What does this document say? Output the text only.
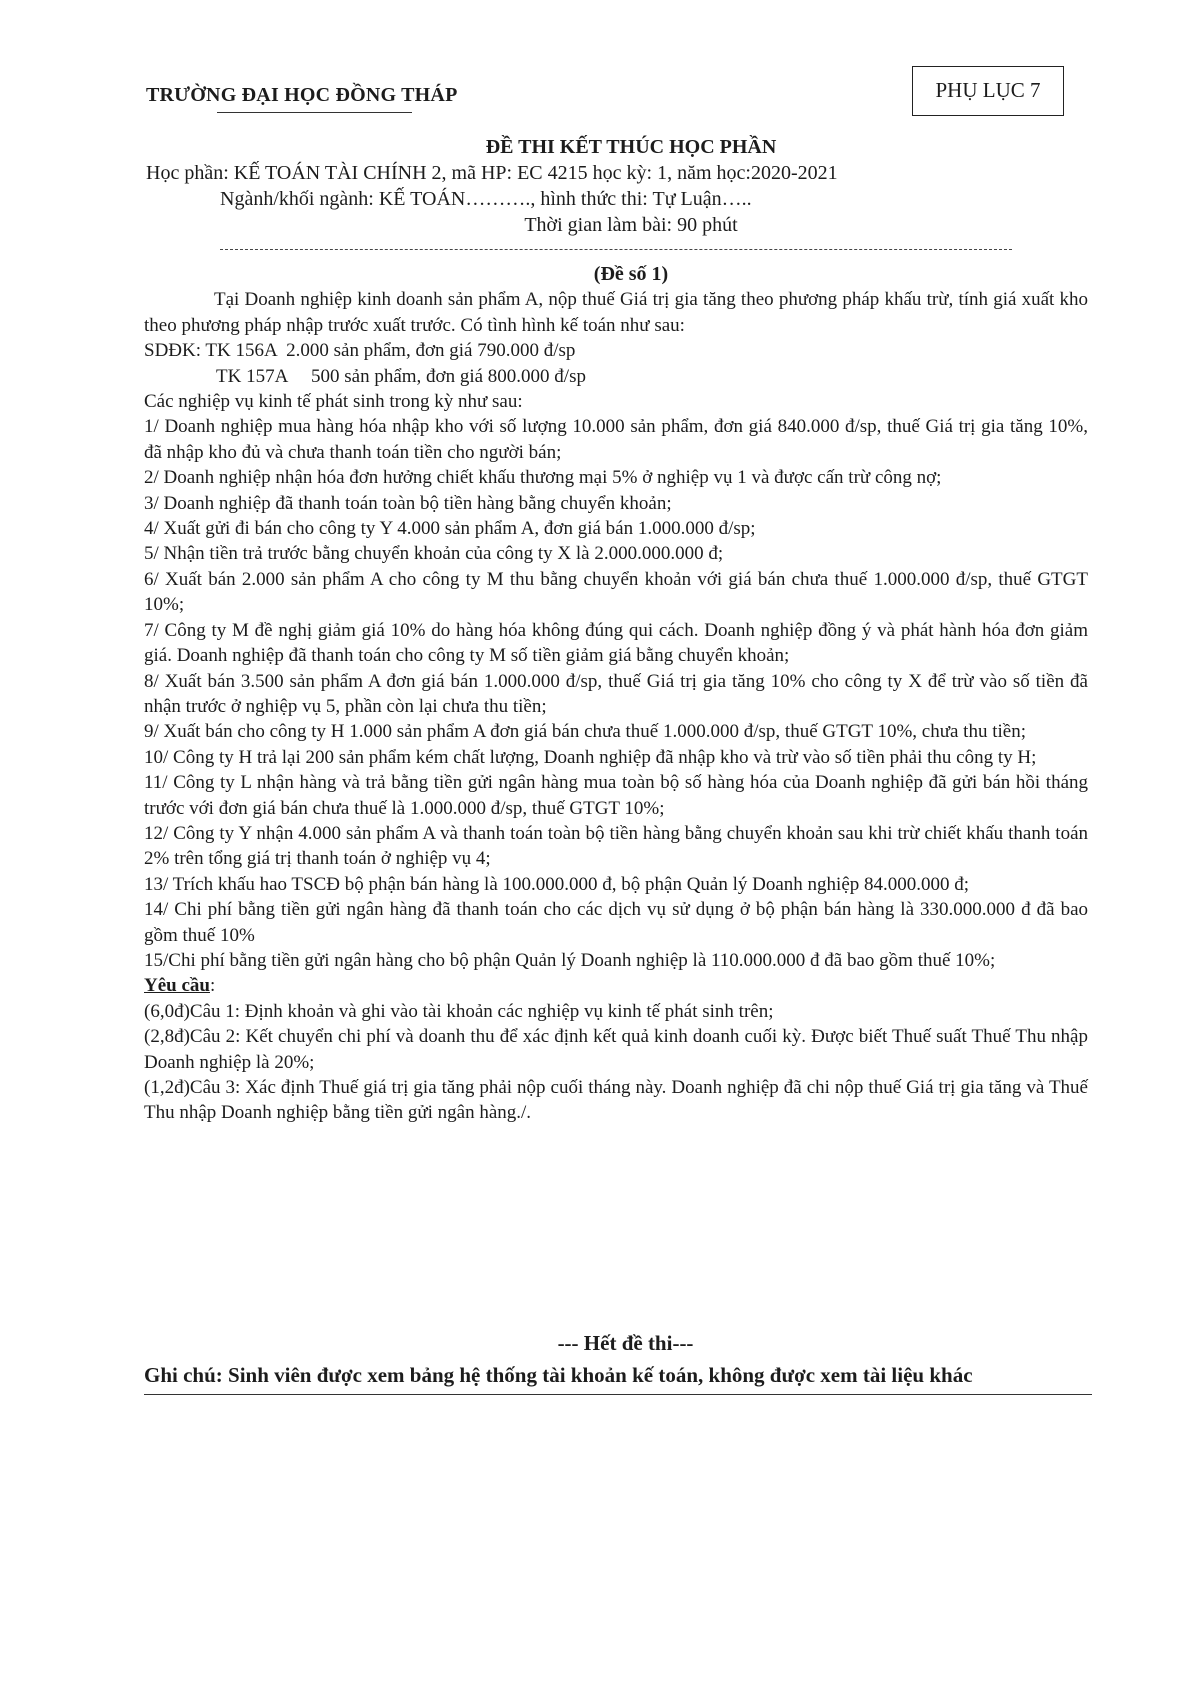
TRƯỜNG ĐẠI HỌC ĐỒNG THÁP	PHỤ LỤC 7
ĐỀ THI KẾT THÚC HỌC PHẦN
Học phần: KẾ TOÁN TÀI CHÍNH 2, mã HP: EC 4215 học kỳ: 1, năm học:2020-2021
Ngành/khối ngành: KẾ TOÁN………., hình thức thi: Tự Luận…..
Thời gian làm bài: 90 phút

(Đề số 1)

Tại Doanh nghiệp kinh doanh sản phẩm A, nộp thuế Giá trị gia tăng theo phương pháp khấu trừ, tính giá xuất kho theo phương pháp nhập trước xuất trước. Có tình hình kế toán như sau:

SDĐK: TK 156A  2.000 sản phẩm, đơn giá 790.000 đ/sp

TK 157A     500 sản phẩm, đơn giá 800.000 đ/sp

Các nghiệp vụ kinh tế phát sinh trong kỳ như sau:

1/ Doanh nghiệp mua hàng hóa nhập kho với số lượng 10.000 sản phẩm, đơn giá 840.000 đ/sp, thuế Giá trị gia tăng 10%, đã nhập kho đủ và chưa thanh toán tiền cho người bán;

2/ Doanh nghiệp nhận hóa đơn hưởng chiết khấu thương mại 5% ở nghiệp vụ 1 và được cấn trừ công nợ;

3/ Doanh nghiệp đã thanh toán toàn bộ tiền hàng bằng chuyển khoản;

4/ Xuất gửi đi bán cho công ty Y 4.000 sản phẩm A, đơn giá bán 1.000.000 đ/sp;

5/ Nhận tiền trả trước bằng chuyển khoản của công ty X là 2.000.000.000 đ;

6/ Xuất bán 2.000 sản phẩm A cho công ty M thu bằng chuyển khoản với giá bán chưa thuế 1.000.000 đ/sp, thuế GTGT 10%;

7/ Công ty M đề nghị giảm giá 10% do hàng hóa không đúng qui cách. Doanh nghiệp đồng ý và phát hành hóa đơn giảm giá. Doanh nghiệp đã thanh toán cho công ty M số tiền giảm giá bằng chuyển khoản;

8/ Xuất bán 3.500 sản phẩm A đơn giá bán 1.000.000 đ/sp, thuế Giá trị gia tăng 10% cho công ty X để trừ vào số tiền đã nhận trước ở nghiệp vụ 5, phần còn lại chưa thu tiền;

9/ Xuất bán cho công ty H 1.000 sản phẩm A đơn giá bán chưa thuế 1.000.000 đ/sp, thuế GTGT 10%, chưa thu tiền;

10/ Công ty H trả lại 200 sản phẩm kém chất lượng, Doanh nghiệp đã nhập kho và trừ vào số tiền phải thu công ty H;

11/ Công ty L nhận hàng và trả bằng tiền gửi ngân hàng mua toàn bộ số hàng hóa của Doanh nghiệp đã gửi bán hồi tháng trước với đơn giá bán chưa thuế là 1.000.000 đ/sp, thuế GTGT 10%;

12/ Công ty Y nhận 4.000 sản phẩm A và thanh toán toàn bộ tiền hàng bằng chuyển khoản sau khi trừ chiết khấu thanh toán 2% trên tổng giá trị thanh toán ở nghiệp vụ 4;

13/ Trích khấu hao TSCĐ bộ phận bán hàng là 100.000.000 đ, bộ phận Quản lý Doanh nghiệp 84.000.000 đ;

14/ Chi phí bằng tiền gửi ngân hàng đã thanh toán cho các dịch vụ sử dụng ở bộ phận bán hàng là 330.000.000 đ đã bao gồm thuế 10%

15/Chi phí bằng tiền gửi ngân hàng cho bộ phận Quản lý Doanh nghiệp là 110.000.000 đ đã bao gồm thuế 10%;

Yêu cầu:

(6,0đ)Câu 1: Định khoản và ghi vào tài khoản các nghiệp vụ kinh tế phát sinh trên;

(2,8đ)Câu 2: Kết chuyển chi phí và doanh thu để xác định kết quả kinh doanh cuối kỳ. Được biết Thuế suất Thuế Thu nhập Doanh nghiệp là 20%;

(1,2đ)Câu 3: Xác định Thuế giá trị gia tăng phải nộp cuối tháng này. Doanh nghiệp đã chi nộp thuế Giá trị gia tăng và Thuế Thu nhập Doanh nghiệp bằng tiền gửi ngân hàng./.

--- Hết đề thi---
Ghi chú: Sinh viên được xem bảng hệ thống tài khoản kế toán, không được xem tài liệu khác
